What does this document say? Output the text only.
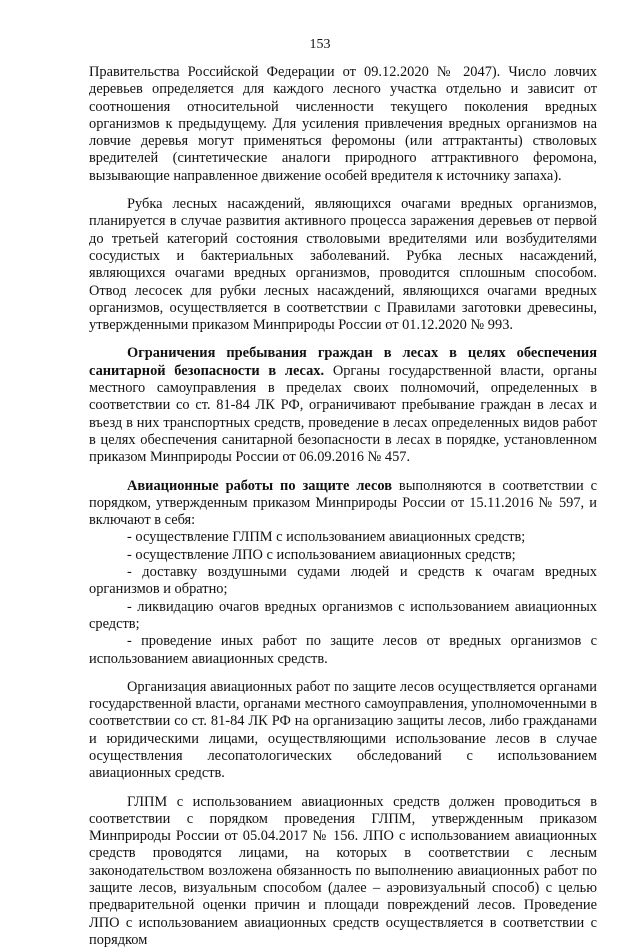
153

Правительства Российской Федерации от 09.12.2020 № 2047). Число ловчих деревьев определяется для каждого лесного участка отдельно и зависит от соотношения относительной численности текущего поколения вредных организмов к предыдущему. Для усиления привлечения вредных организмов на ловчие деревья могут применяться феромоны (или аттрактанты) стволовых вредителей (синтетические аналоги природного аттрактивного феромона, вызывающие направленное движение особей вредителя к источнику запаха).

Рубка лесных насаждений, являющихся очагами вредных организмов, планируется в случае развития активного процесса заражения деревьев от первой до третьей категорий состояния стволовыми вредителями или возбудителями сосудистых и бактериальных заболеваний. Рубка лесных насаждений, являющихся очагами вредных организмов, проводится сплошным способом. Отвод лесосек для рубки лесных насаждений, являющихся очагами вредных организмов, осуществляется в соответствии с Правилами заготовки древесины, утвержденными приказом Минприроды России от 01.12.2020 № 993.

Ограничения пребывания граждан в лесах в целях обеспечения санитарной безопасности в лесах. Органы государственной власти, органы местного самоуправления в пределах своих полномочий, определенных в соответствии со ст. 81-84 ЛК РФ, ограничивают пребывание граждан в лесах и въезд в них транспортных средств, проведение в лесах определенных видов работ в целях обеспечения санитарной безопасности в лесах в порядке, установленном приказом Минприроды России от 06.09.2016 № 457.

Авиационные работы по защите лесов выполняются в соответствии с порядком, утвержденным приказом Минприроды России от 15.11.2016 № 597, и включают в себя:

- осуществление ГЛПМ с использованием авиационных средств;

- осуществление ЛПО с использованием авиационных средств;

- доставку воздушными судами людей и средств к очагам вредных организмов и обратно;

- ликвидацию очагов вредных организмов с использованием авиационных средств;

- проведение иных работ по защите лесов от вредных организмов с использованием авиационных средств.

Организация авиационных работ по защите лесов осуществляется органами государственной власти, органами местного самоуправления, уполномоченными в соответствии со ст. 81-84 ЛК РФ на организацию защиты лесов, либо гражданами и юридическими лицами, осуществляющими использование лесов в случае осуществления лесопатологических обследований с использованием авиационных средств.

ГЛПМ с использованием авиационных средств должен проводиться в соответствии с порядком проведения ГЛПМ, утвержденным приказом Минприроды России от 05.04.2017 № 156. ЛПО с использованием авиационных средств проводятся лицами, на которых в соответствии с лесным законодательством возложена обязанность по выполнению авиационных работ по защите лесов, визуальным способом (далее – аэровизуальный способ) с целью предварительной оценки причин и площади повреждений лесов. Проведение ЛПО с использованием авиационных средств осуществляется в соответствии с порядком
